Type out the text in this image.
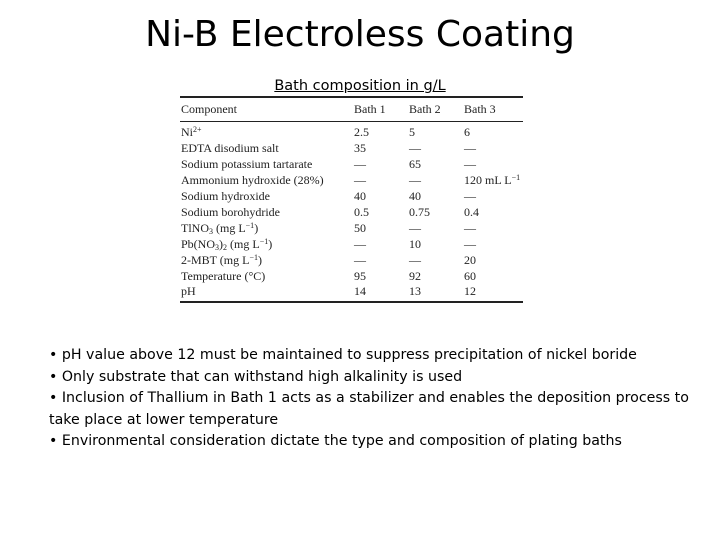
Ni-B Electroless Coating
Bath composition in g/L
Component	Bath 1 Bath 2 Bath 3
$Ni^{2+}$	2.5	5	6
EDTA disodium salt	35	—	—
Sodium potassium tartarate	—	65	—
Ammonium hydroxide (28%)	—	—	120 mL $L^{-1}$
Sodium hydroxide	40	40	—
Sodium borohydride	0.5	0.75	0.4
TlNO$_3$ (mg $L^{-1}$)	50	—	—
$Pb(NO_3)_2$ (mg $L^{-1}$)	—	10	—
2-MBT (mg $L^{-1}$)	—	—	20
Temperature (°C)	95	92	60
pH	14	13	12

• pH value above 12 must be maintained to suppress precipitation of nickel boride

• Only substrate that can withstand high alkalinity is used

• Inclusion of Thallium in Bath 1 acts as a stabilizer and enables the deposition process to take place at lower temperature

• Environmental consideration dictate the type and composition of plating baths
